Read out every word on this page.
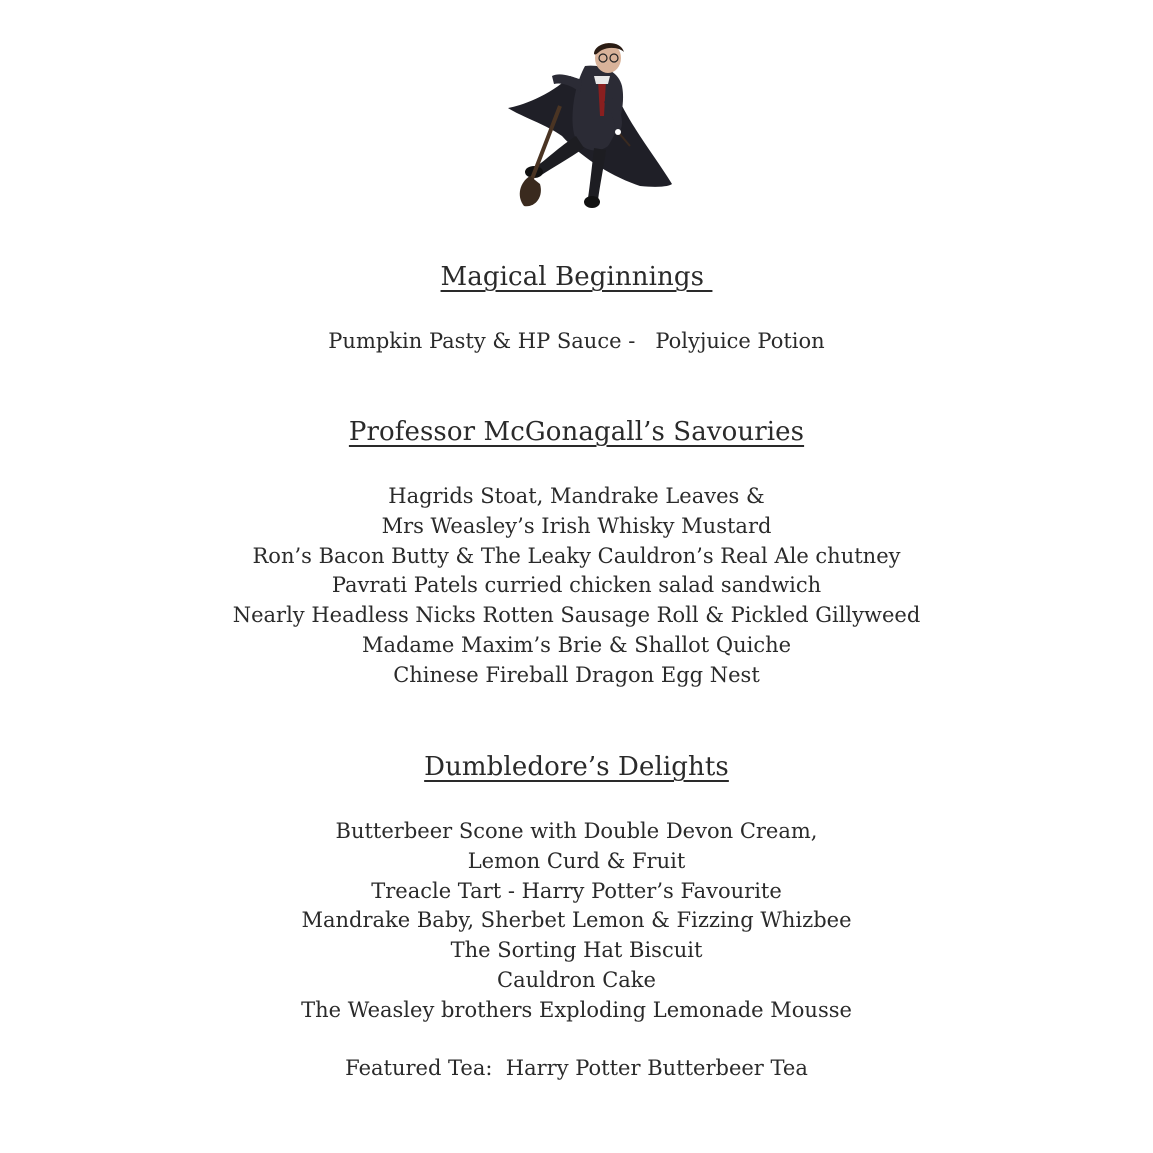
Magical Beginnings
Pumpkin Pasty & HP Sauce -   Polyjuice Potion
Professor McGonagall’s Savouries
Hagrids Stoat, Mandrake Leaves &
Mrs Weasley’s Irish Whisky Mustard
Ron’s Bacon Butty & The Leaky Cauldron’s Real Ale chutney
Pavrati Patels curried chicken salad sandwich
Nearly Headless Nicks Rotten Sausage Roll & Pickled Gillyweed
Madame Maxim’s Brie & Shallot Quiche
Chinese Fireball Dragon Egg Nest
Dumbledore’s Delights
Butterbeer Scone with Double Devon Cream,
Lemon Curd & Fruit
Treacle Tart - Harry Potter’s Favourite
Mandrake Baby, Sherbet Lemon & Fizzing Whizbee
The Sorting Hat Biscuit
Cauldron Cake
The Weasley brothers Exploding Lemonade Mousse
Featured Tea:  Harry Potter Butterbeer Tea
